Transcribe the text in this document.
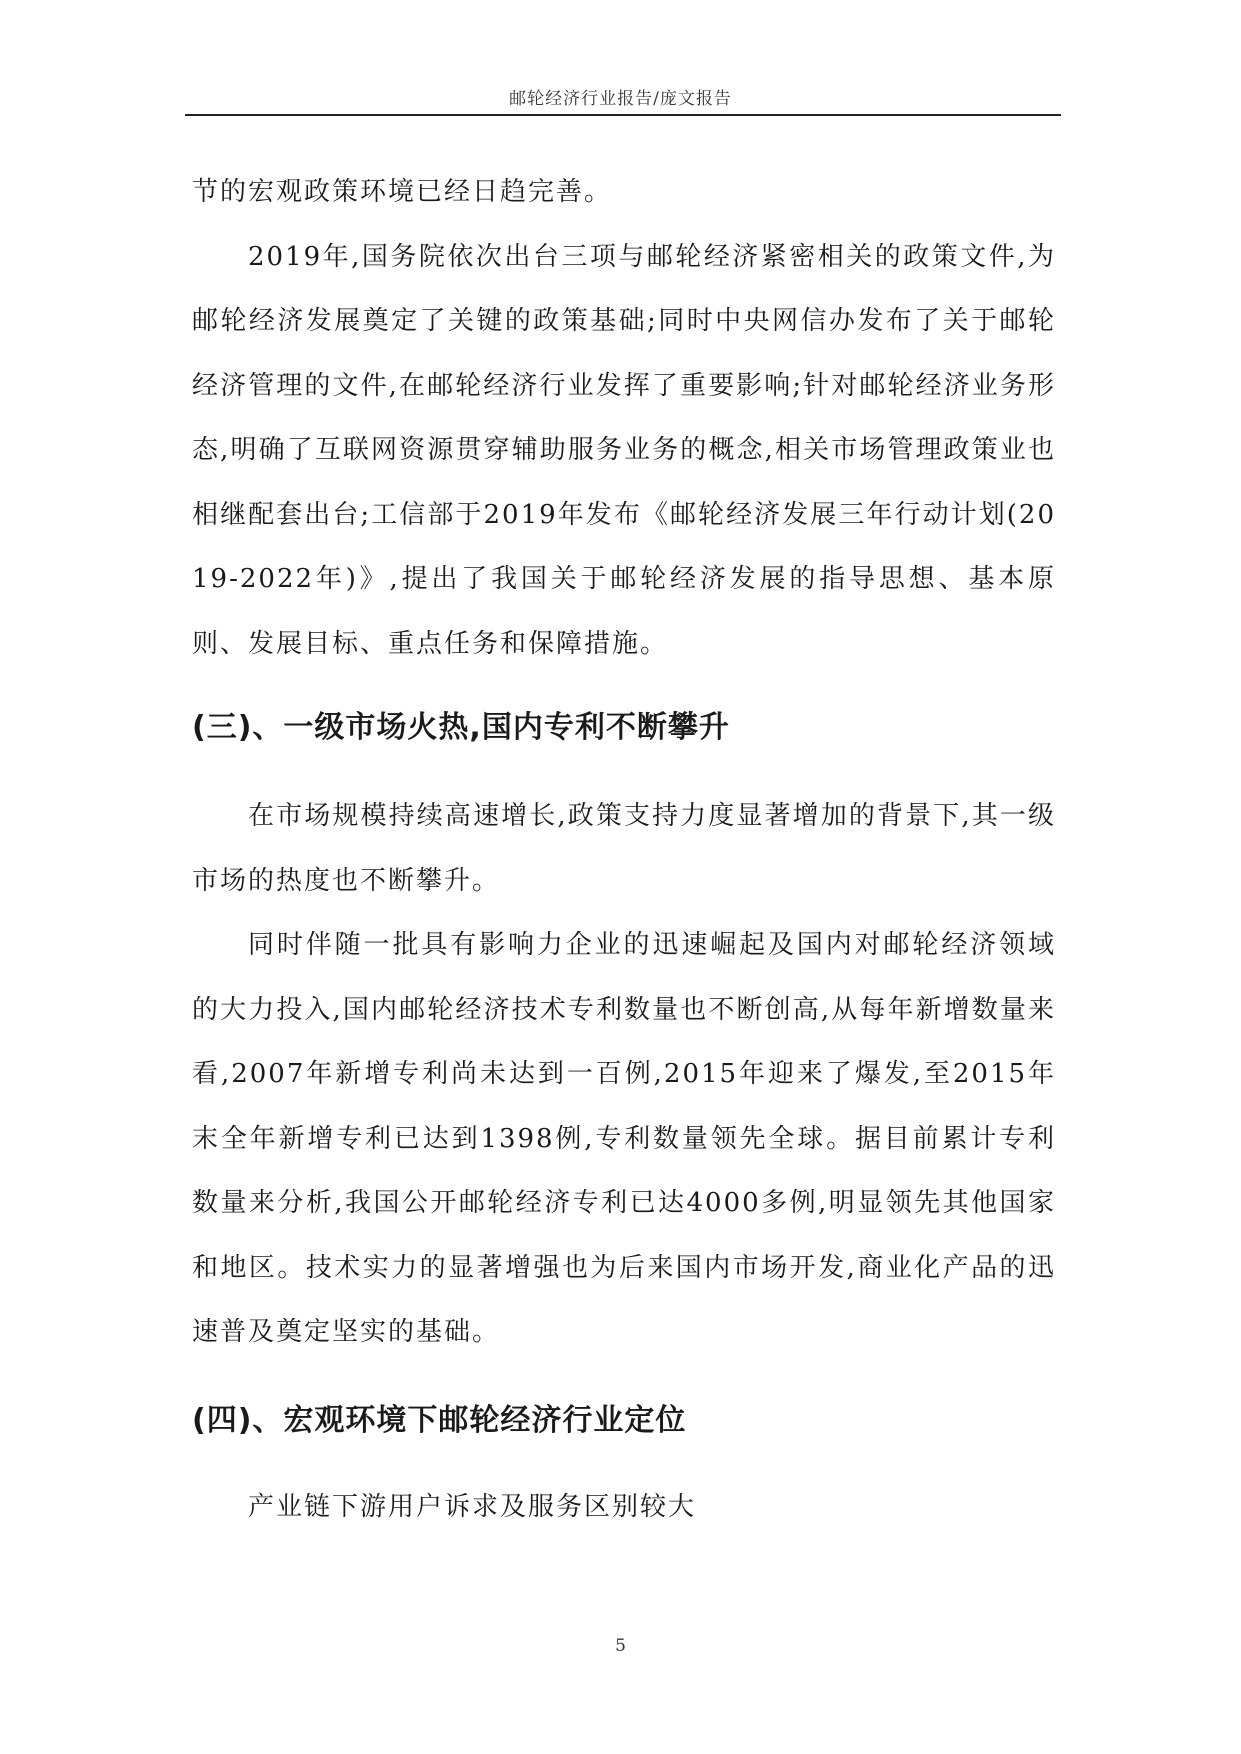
邮轮经济行业报告/庞文报告

节的宏观政策环境已经日趋完善。

2019年,国务院依次出台三项与邮轮经济紧密相关的政策文件,为邮轮经济发展奠定了关键的政策基础;同时中央网信办发布了关于邮轮经济管理的文件,在邮轮经济行业发挥了重要影响;针对邮轮经济业务形态,明确了互联网资源贯穿辅助服务业务的概念,相关市场管理政策业也相继配套出台;工信部于2019年发布《邮轮经济发展三年行动计划(2019-2022年)》,提出了我国关于邮轮经济发展的指导思想、基本原则、发展目标、重点任务和保障措施。

(三)、一级市场火热,国内专利不断攀升

在市场规模持续高速增长,政策支持力度显著增加的背景下,其一级市场的热度也不断攀升。

同时伴随一批具有影响力企业的迅速崛起及国内对邮轮经济领域的大力投入,国内邮轮经济技术专利数量也不断创高,从每年新增数量来看,2007年新增专利尚未达到一百例,2015年迎来了爆发,至2015年末全年新增专利已达到1398例,专利数量领先全球。据目前累计专利数量来分析,我国公开邮轮经济专利已达4000多例,明显领先其他国家和地区。技术实力的显著增强也为后来国内市场开发,商业化产品的迅速普及奠定坚实的基础。

(四)、宏观环境下邮轮经济行业定位

产业链下游用户诉求及服务区别较大

5
